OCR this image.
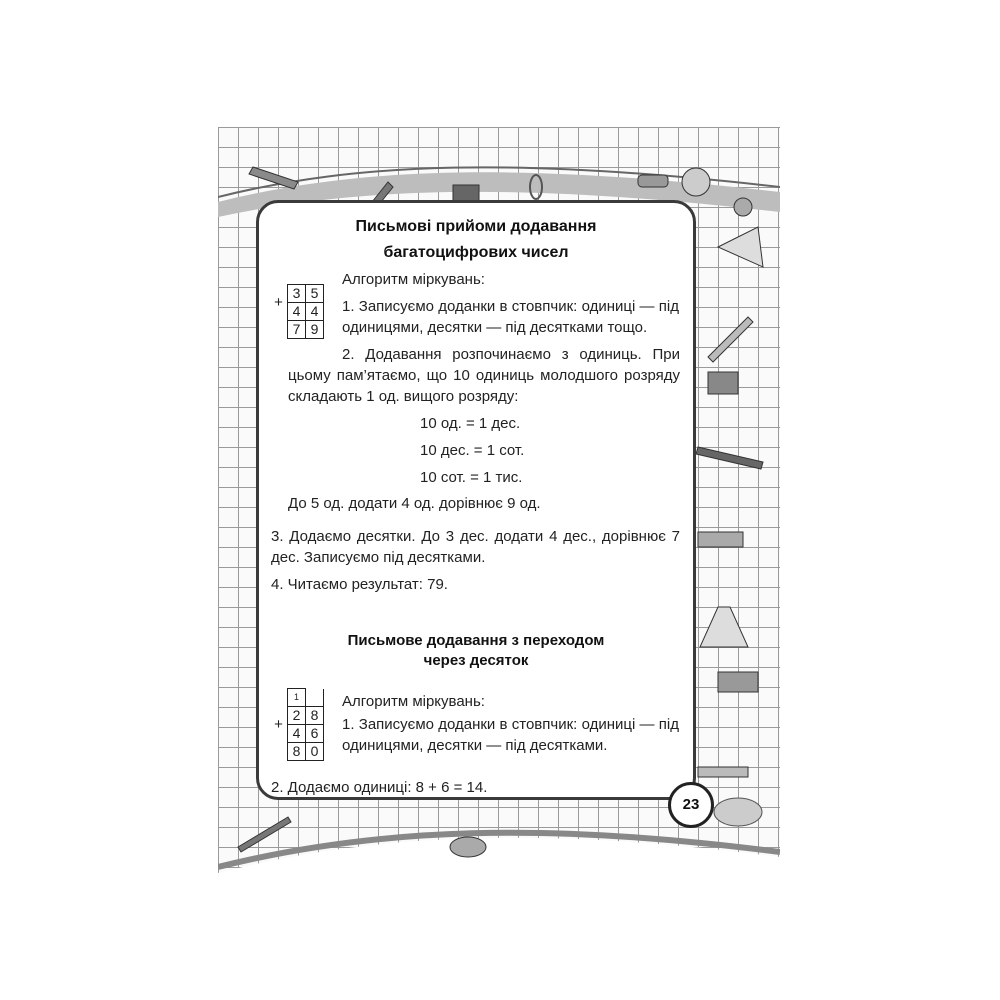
Письмові прийоми додавання
багатоцифрових чисел
+	3	5
	4	4
	7	9
Алгоритм міркувань:
1. Записуємо доданки в стовпчик: одиниці — під одиницями, десятки — під десятками тощо.
2. Додавання розпочинаємо з одиниць. При цьому пам’ятаємо, що 10 одиниць молодшого розряду складають 1 од. вищого розряду:
10 од. = 1 дес.
10 дес. = 1 сот.
10 сот. = 1 тис.
До 5 од. додати 4 од. дорівнює 9 од.
3. Додаємо десятки. До 3 дес. додати 4 дес., дорівнює 7 дес. Записуємо під десятками.
4. Читаємо результат: 79.
Письмове додавання з переходом
через десяток
	1	
+	2	8
	4	6
	8	0
Алгоритм міркувань:
1. Записуємо доданки в стовпчик: одиниці — під одиницями, десятки — під десятками.
2. Додаємо одиниці: 8 + 6 = 14.
23
